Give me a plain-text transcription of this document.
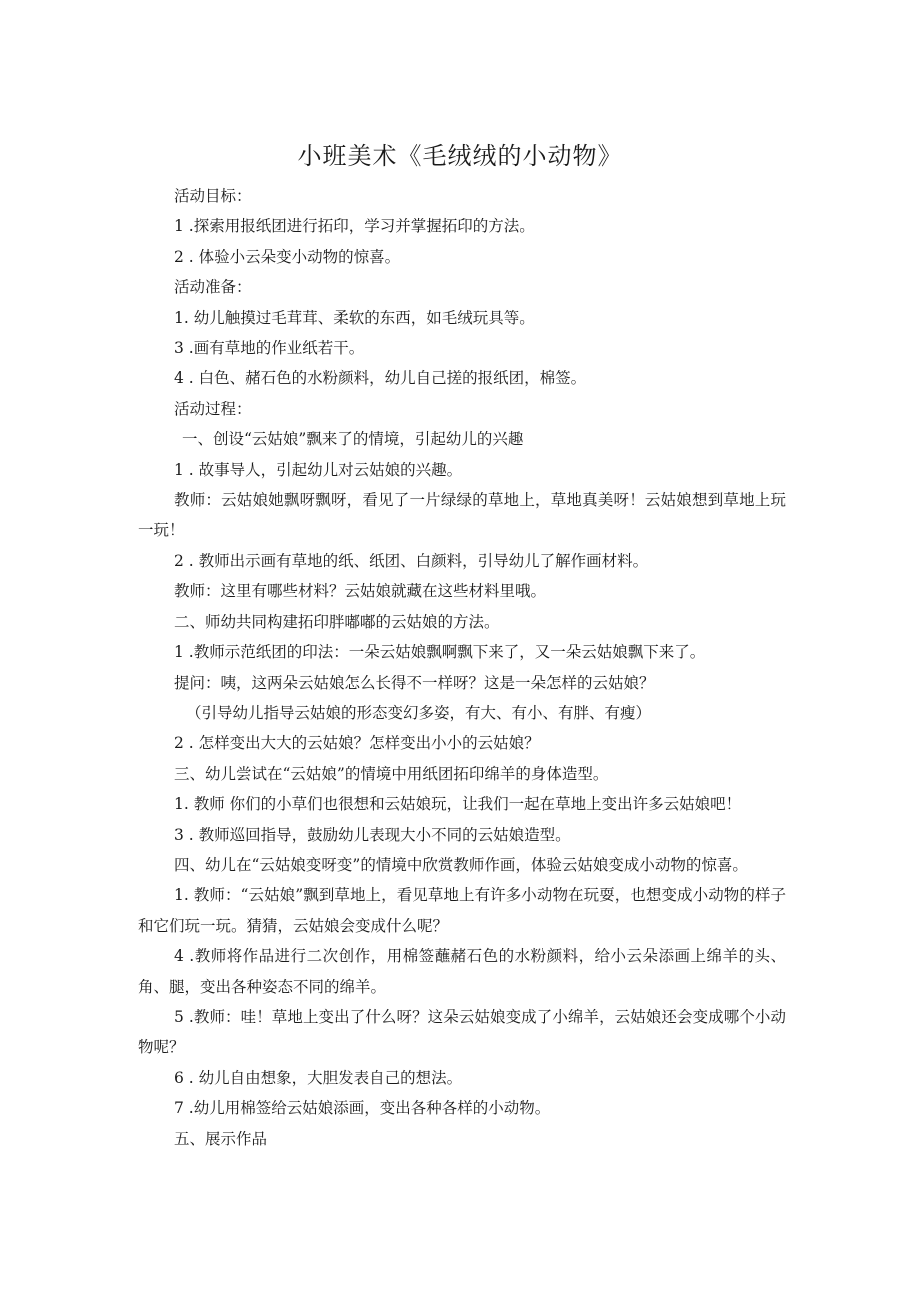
小班美术《毛绒绒的小动物》

活动目标：

1 .探索用报纸团进行拓印，学习并掌握拓印的方法。

2 . 体验小云朵变小动物的惊喜。

活动准备：

1. 幼儿触摸过毛茸茸、柔软的东西，如毛绒玩具等。

3 .画有草地的作业纸若干。

4 . 白色、赭石色的水粉颜料，幼儿自己搓的报纸团，棉签。

活动过程：

一、创设“云姑娘”飘来了的情境，引起幼儿的兴趣

1 . 故事导人，引起幼儿对云姑娘的兴趣。

教师：云姑娘她飘呀飘呀，看见了一片绿绿的草地上，草地真美呀！云姑娘想到草地上玩一玩！

2 . 教师出示画有草地的纸、纸团、白颜料，引导幼儿了解作画材料。

教师：这里有哪些材料？云姑娘就藏在这些材料里哦。

二、师幼共同构建拓印胖嘟嘟的云姑娘的方法。

1 .教师示范纸团的印法：一朵云姑娘飘啊飘下来了，又一朵云姑娘飘下来了。

提问：咦，这两朵云姑娘怎么长得不一样呀？这是一朵怎样的云姑娘？

（引导幼儿指导云姑娘的形态变幻多姿，有大、有小、有胖、有瘦）

2 . 怎样变出大大的云姑娘？怎样变出小小的云姑娘？

三、幼儿尝试在“云姑娘”的情境中用纸团拓印绵羊的身体造型。

1. 教师 你们的小草们也很想和云姑娘玩，让我们一起在草地上变出许多云姑娘吧！

3 . 教师巡回指导，鼓励幼儿表现大小不同的云姑娘造型。

四、幼儿在“云姑娘变呀变”的情境中欣赏教师作画，体验云姑娘变成小动物的惊喜。

1. 教师：“云姑娘”飘到草地上，看见草地上有许多小动物在玩耍，也想变成小动物的样子和它们玩一玩。猜猜，云姑娘会变成什么呢？

4 .教师将作品进行二次创作，用棉签蘸赭石色的水粉颜料，给小云朵添画上绵羊的头、角、腿，变出各种姿态不同的绵羊。

5 .教师：哇！草地上变出了什么呀？这朵云姑娘变成了小绵羊，云姑娘还会变成哪个小动物呢？

6 . 幼儿自由想象，大胆发表自己的想法。

7 .幼儿用棉签给云姑娘添画，变出各种各样的小动物。

五、展示作品
